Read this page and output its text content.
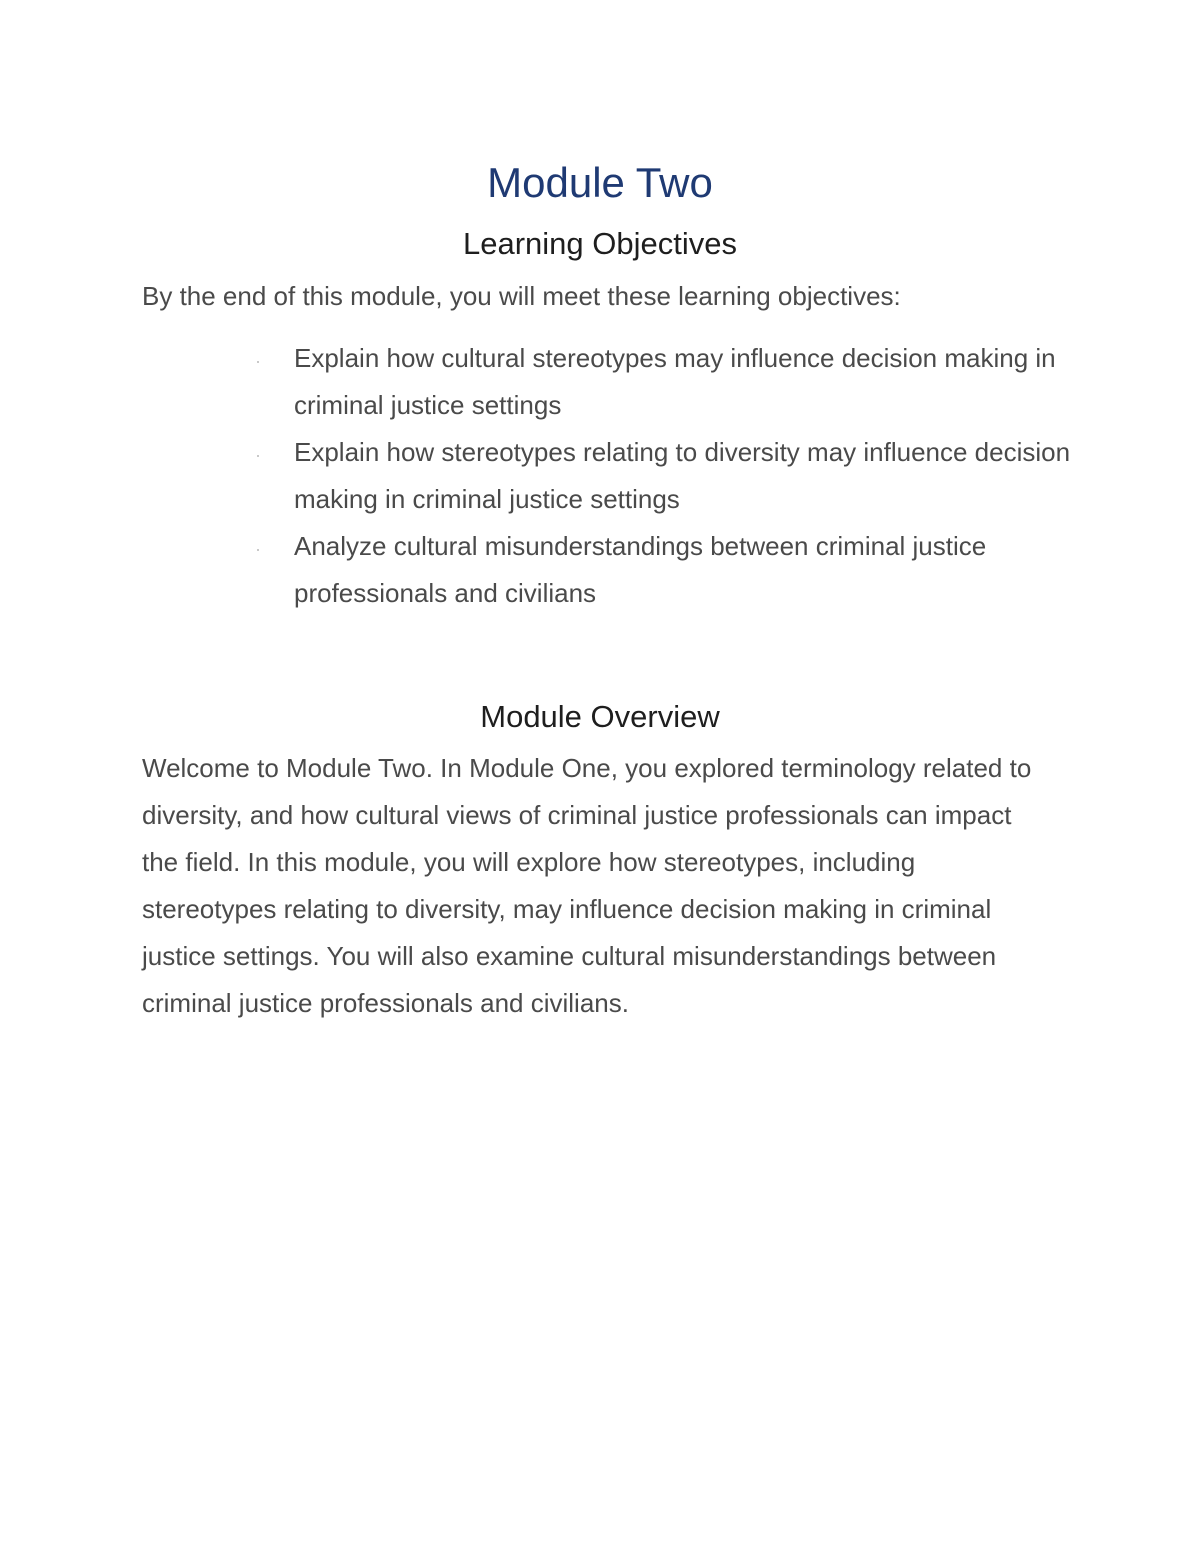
Module Two
Learning Objectives

By the end of this module, you will meet these learning objectives:

Explain how cultural stereotypes may influence decision making in criminal justice settings
Explain how stereotypes relating to diversity may influence decision making in criminal justice settings
Analyze cultural misunderstandings between criminal justice professionals and civilians
Module Overview

Welcome to Module Two. In Module One, you explored terminology related to diversity, and how cultural views of criminal justice professionals can impact the field. In this module, you will explore how stereotypes, including stereotypes relating to diversity, may influence decision making in criminal justice settings. You will also examine cultural misunderstandings between criminal justice professionals and civilians.
